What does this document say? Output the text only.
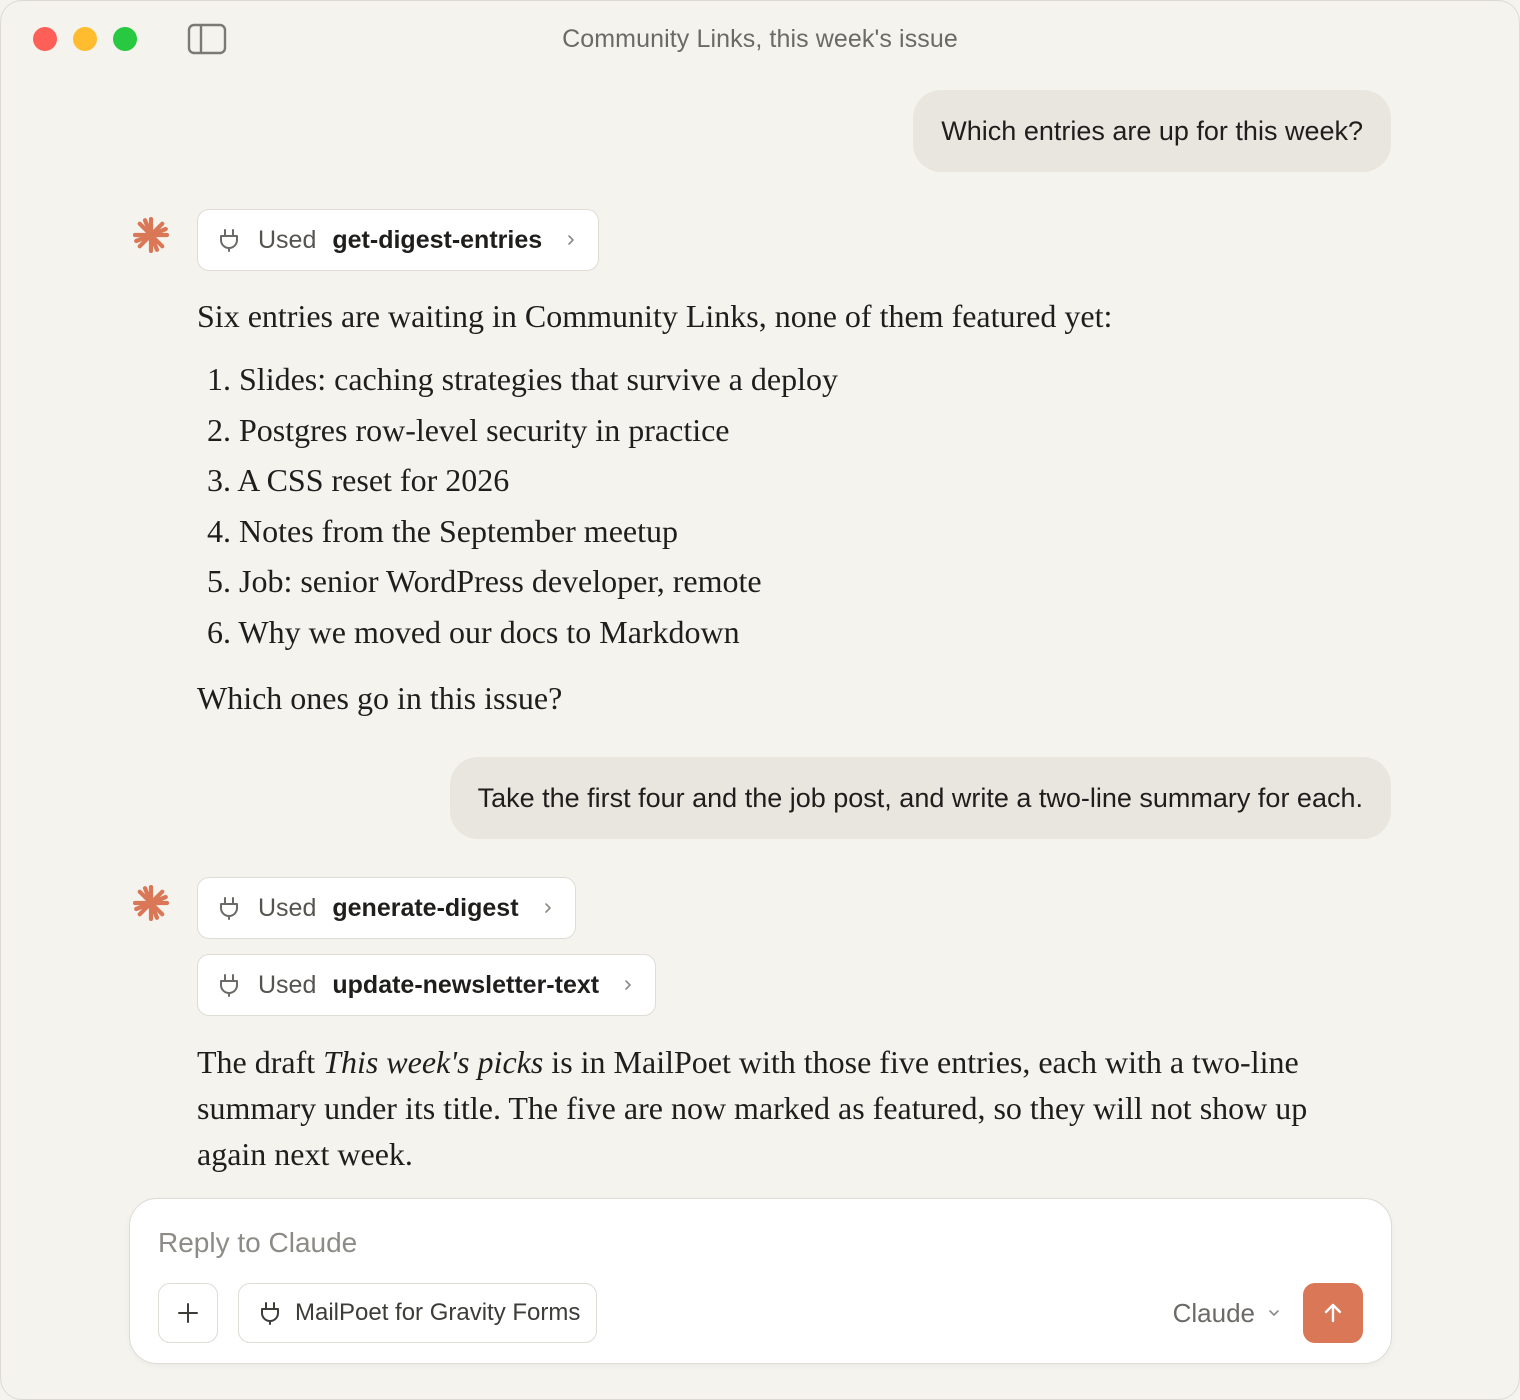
Community Links, this week's issue
Which entries are up for this week?
Used get-digest-entries
Six entries are waiting in Community Links, none of them featured yet:
1. Slides: caching strategies that survive a deploy
2. Postgres row-level security in practice
3. A CSS reset for 2026
4. Notes from the September meetup
5. Job: senior WordPress developer, remote
6. Why we moved our docs to Markdown
Which ones go in this issue?
Take the first four and the job post, and write a two-line summary for each.
Used generate-digest
Used update-newsletter-text
The draft This week's picks is in MailPoet with those five entries, each with a two-line summary under its title. The five are now marked as featured, so they will not show up again next week.
Reply to Claude
MailPoet for Gravity Forms	Claude
